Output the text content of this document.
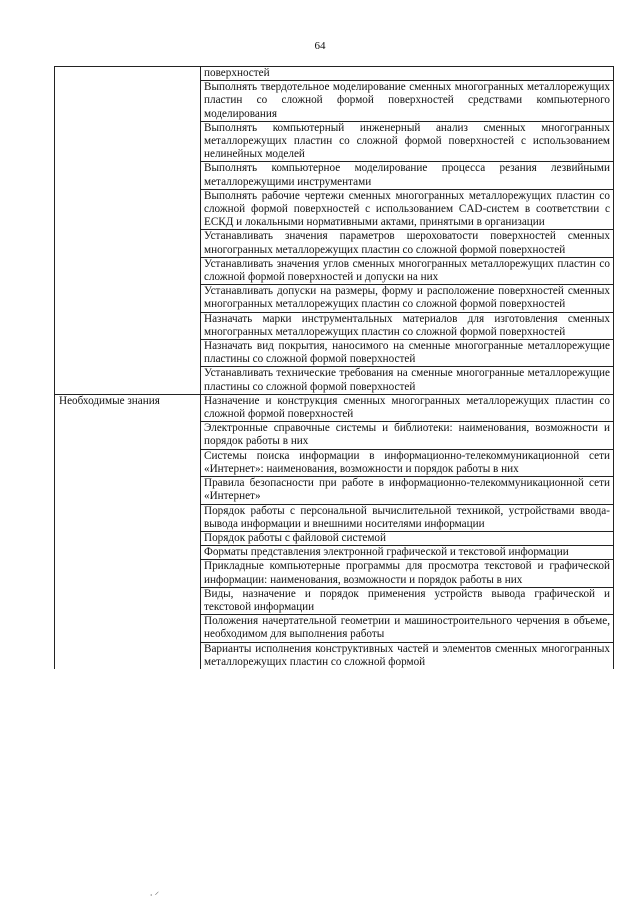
64
	поверхностей
	Выполнять твердотельное моделирование сменных многогранных металлорежущих пластин со сложной формой поверхностей средствами компьютерного моделирования
	Выполнять компьютерный инженерный анализ сменных многогранных металлорежущих пластин со сложной формой поверхностей с использованием нелинейных моделей
	Выполнять компьютерное моделирование процесса резания лезвийными металлорежущими инструментами
	Выполнять рабочие чертежи сменных многогранных металлорежущих пластин со сложной формой поверхностей с использованием CAD-систем в соответствии с ЕСКД и локальными нормативными актами, принятыми в организации
	Устанавливать значения параметров шероховатости поверхностей сменных многогранных металлорежущих пластин со сложной формой поверхностей
	Устанавливать значения углов сменных многогранных металлорежущих пластин со сложной формой поверхностей и допуски на них
	Устанавливать допуски на размеры, форму и расположение поверхностей сменных многогранных металлорежущих пластин со сложной формой поверхностей
	Назначать марки инструментальных материалов для изготовления сменных многогранных металлорежущих пластин со сложной формой поверхностей
	Назначать вид покрытия, наносимого на сменные многогранные металлорежущие пластины со сложной формой поверхностей
	Устанавливать технические требования на сменные многогранные металлорежущие пластины со сложной формой поверхностей
Необходимые знания	Назначение и конструкция сменных многогранных металлорежущих пластин со сложной формой поверхностей
	Электронные справочные системы и библиотеки: наименования, возможности и порядок работы в них
	Системы поиска информации в информационно-телекоммуникационной сети «Интернет»: наименования, возможности и порядок работы в них
	Правила безопасности при работе в информационно-телекоммуникационной сети «Интернет»
	Порядок работы с персональной вычислительной техникой, устройствами ввода-вывода информации и внешними носителями информации
	Порядок работы с файловой системой
	Форматы представления электронной графической и текстовой информации
	Прикладные компьютерные программы для просмотра текстовой и графической информации: наименования, возможности и порядок работы в них
	Виды, назначение и порядок применения устройств вывода графической и текстовой информации
	Положения начертательной геометрии и машиностроительного черчения в объеме, необходимом для выполнения работы
	Варианты исполнения конструктивных частей и элементов сменных многогранных металлорежущих пластин со сложной формой
⸱ ⸍
